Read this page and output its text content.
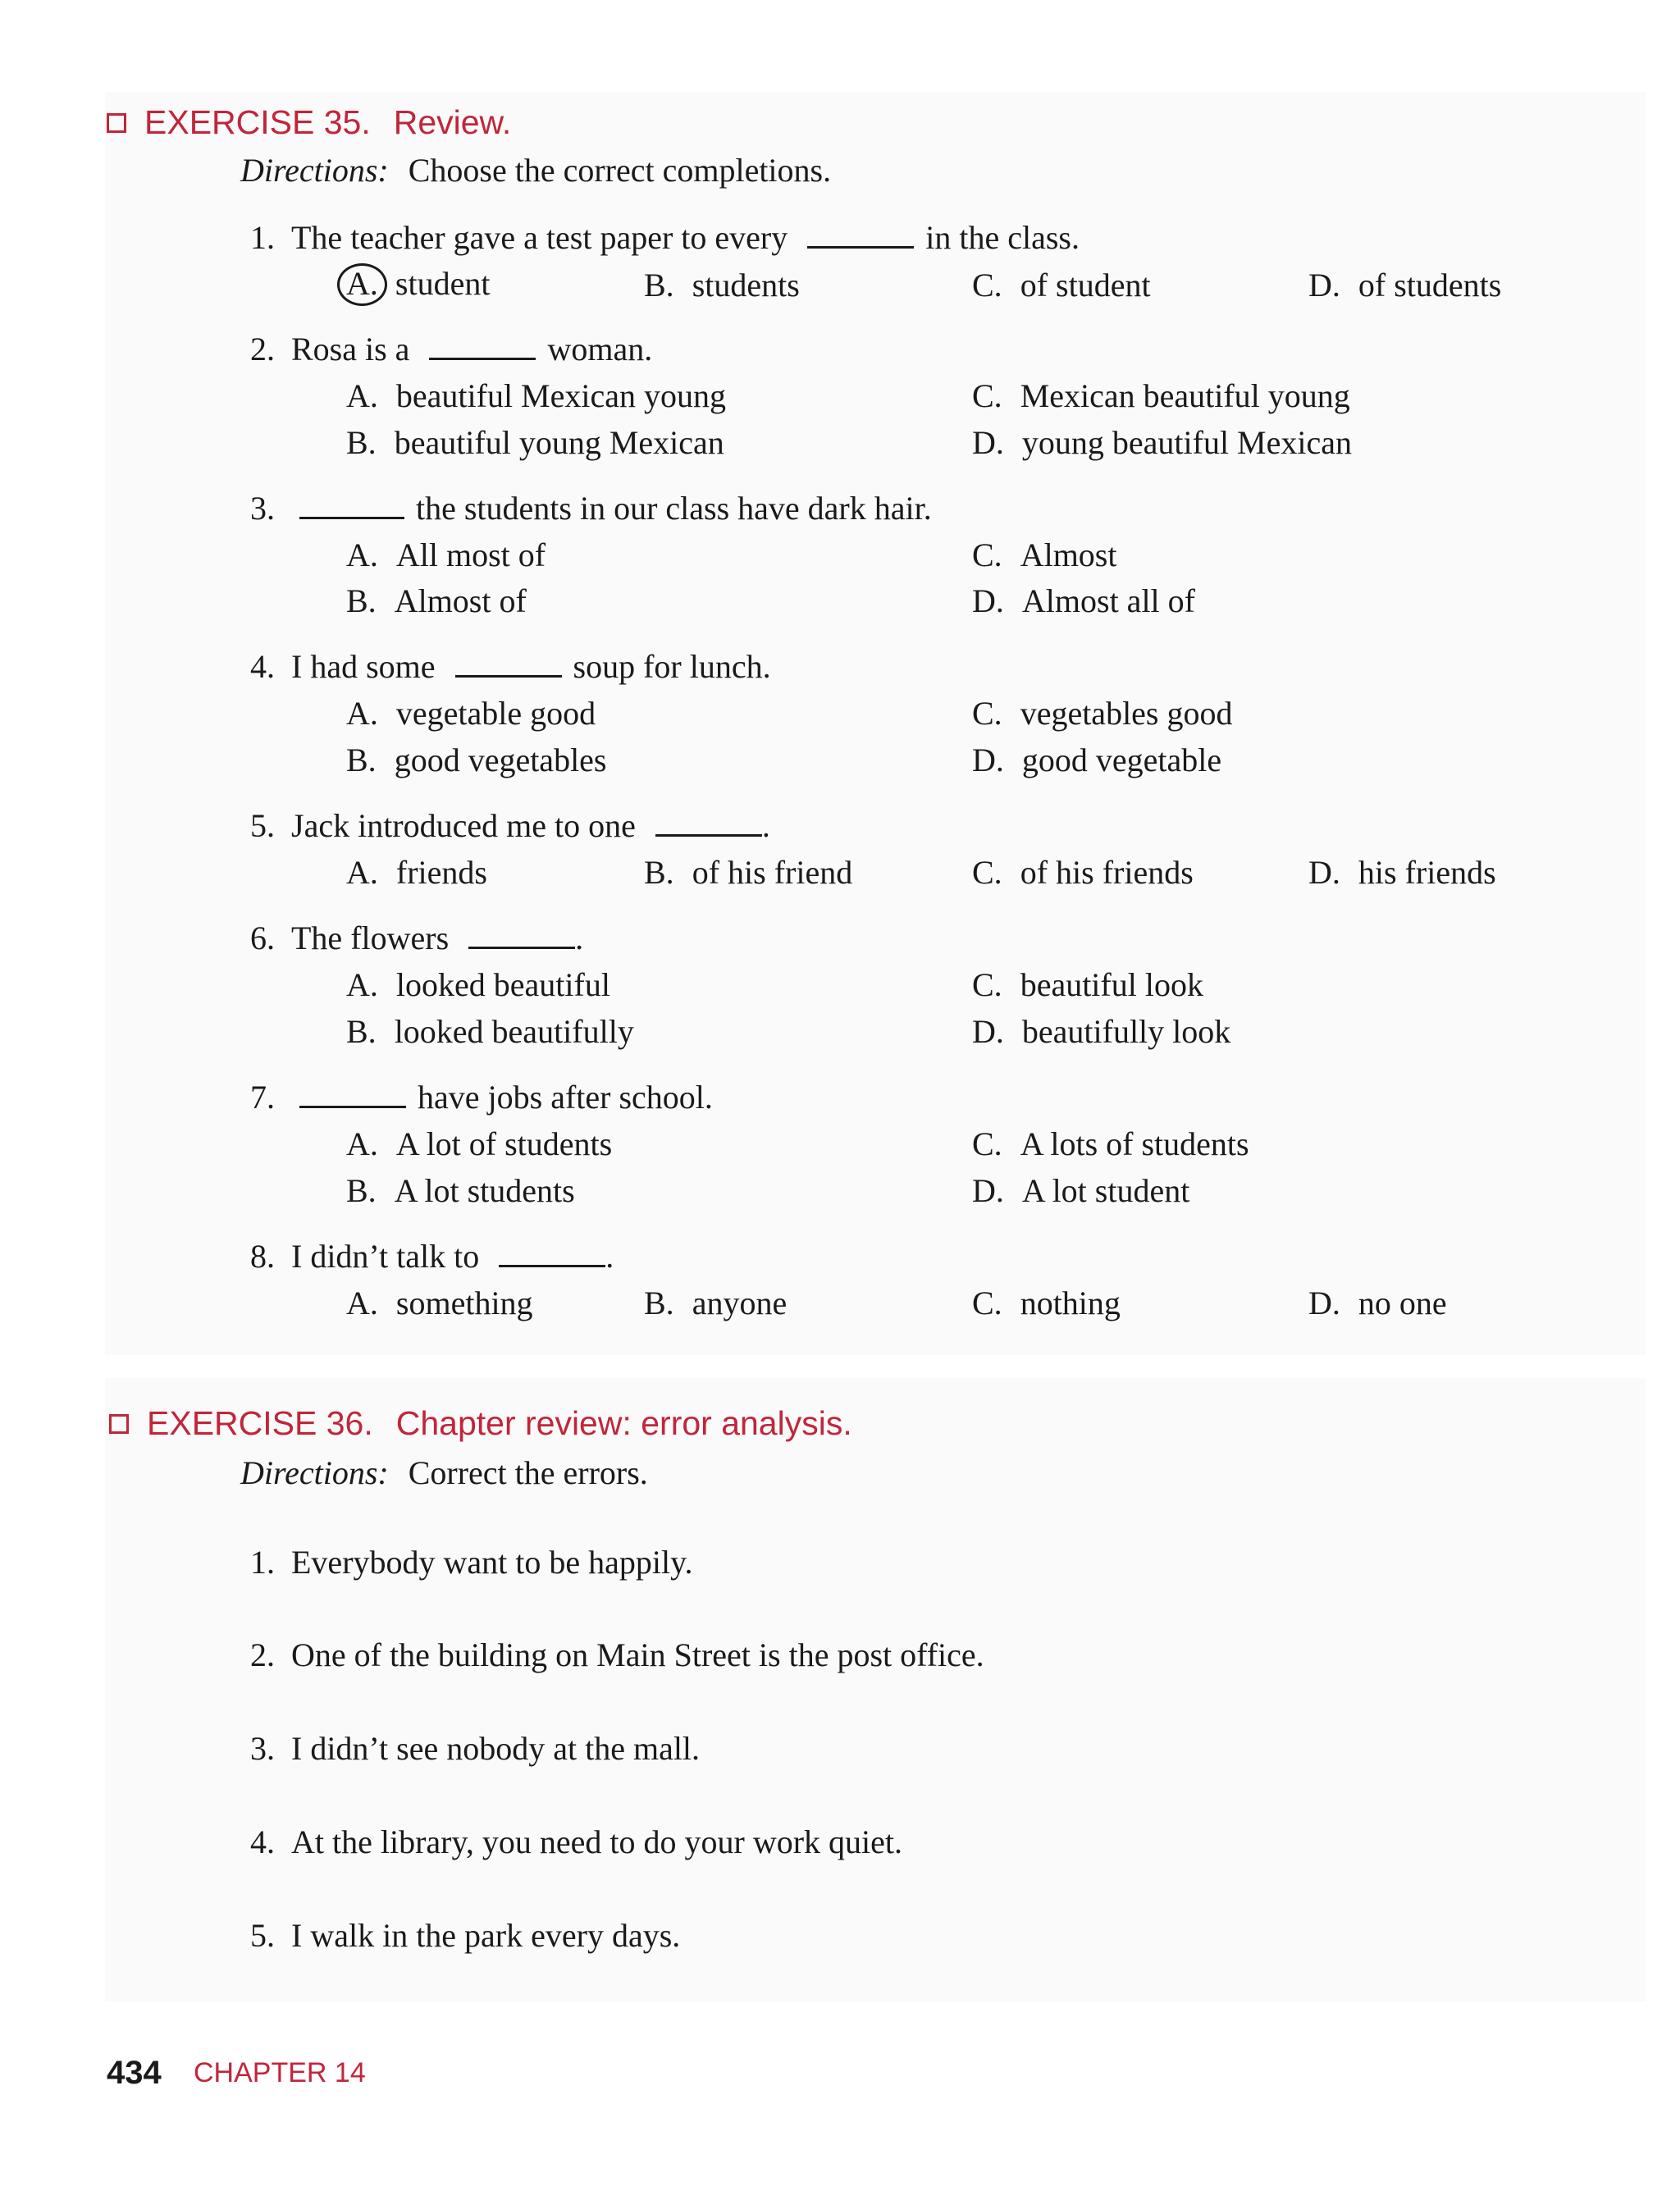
EXERCISE 35. Review.
Directions: Choose the correct completions.
1. The teacher gave a test paper to every	in the class.
A. student	B. students	C. of student	D. of students
2. Rosa is a	woman.
A. beautiful Mexican young	C. Mexican beautiful young
B. beautiful young Mexican	D. young beautiful Mexican
3.	the students in our class have dark hair.
A. All most of	C. Almost
B. Almost of	D. Almost all of
4. I had some	soup for lunch.
A. vegetable good	C. vegetables good
B. good vegetables	D. good vegetable
5. Jack introduced me to one	.
A. friends	B. of his friend	C. of his friends	D. his friends
6. The flowers	.
A. looked beautiful	C. beautiful look
B. looked beautifully	D. beautifully look
7.	have jobs after school.
A. A lot of students	C. A lots of students
B. A lot students	D. A lot student
8. I didn’t talk to	.
A. something	B. anyone	C. nothing	D. no one
EXERCISE 36. Chapter review: error analysis.
Directions: Correct the errors.
1. Everybody want to be happily.
2. One of the building on Main Street is the post office.
3. I didn’t see nobody at the mall.
4. At the library, you need to do your work quiet.
5. I walk in the park every days.
434 CHAPTER 14
